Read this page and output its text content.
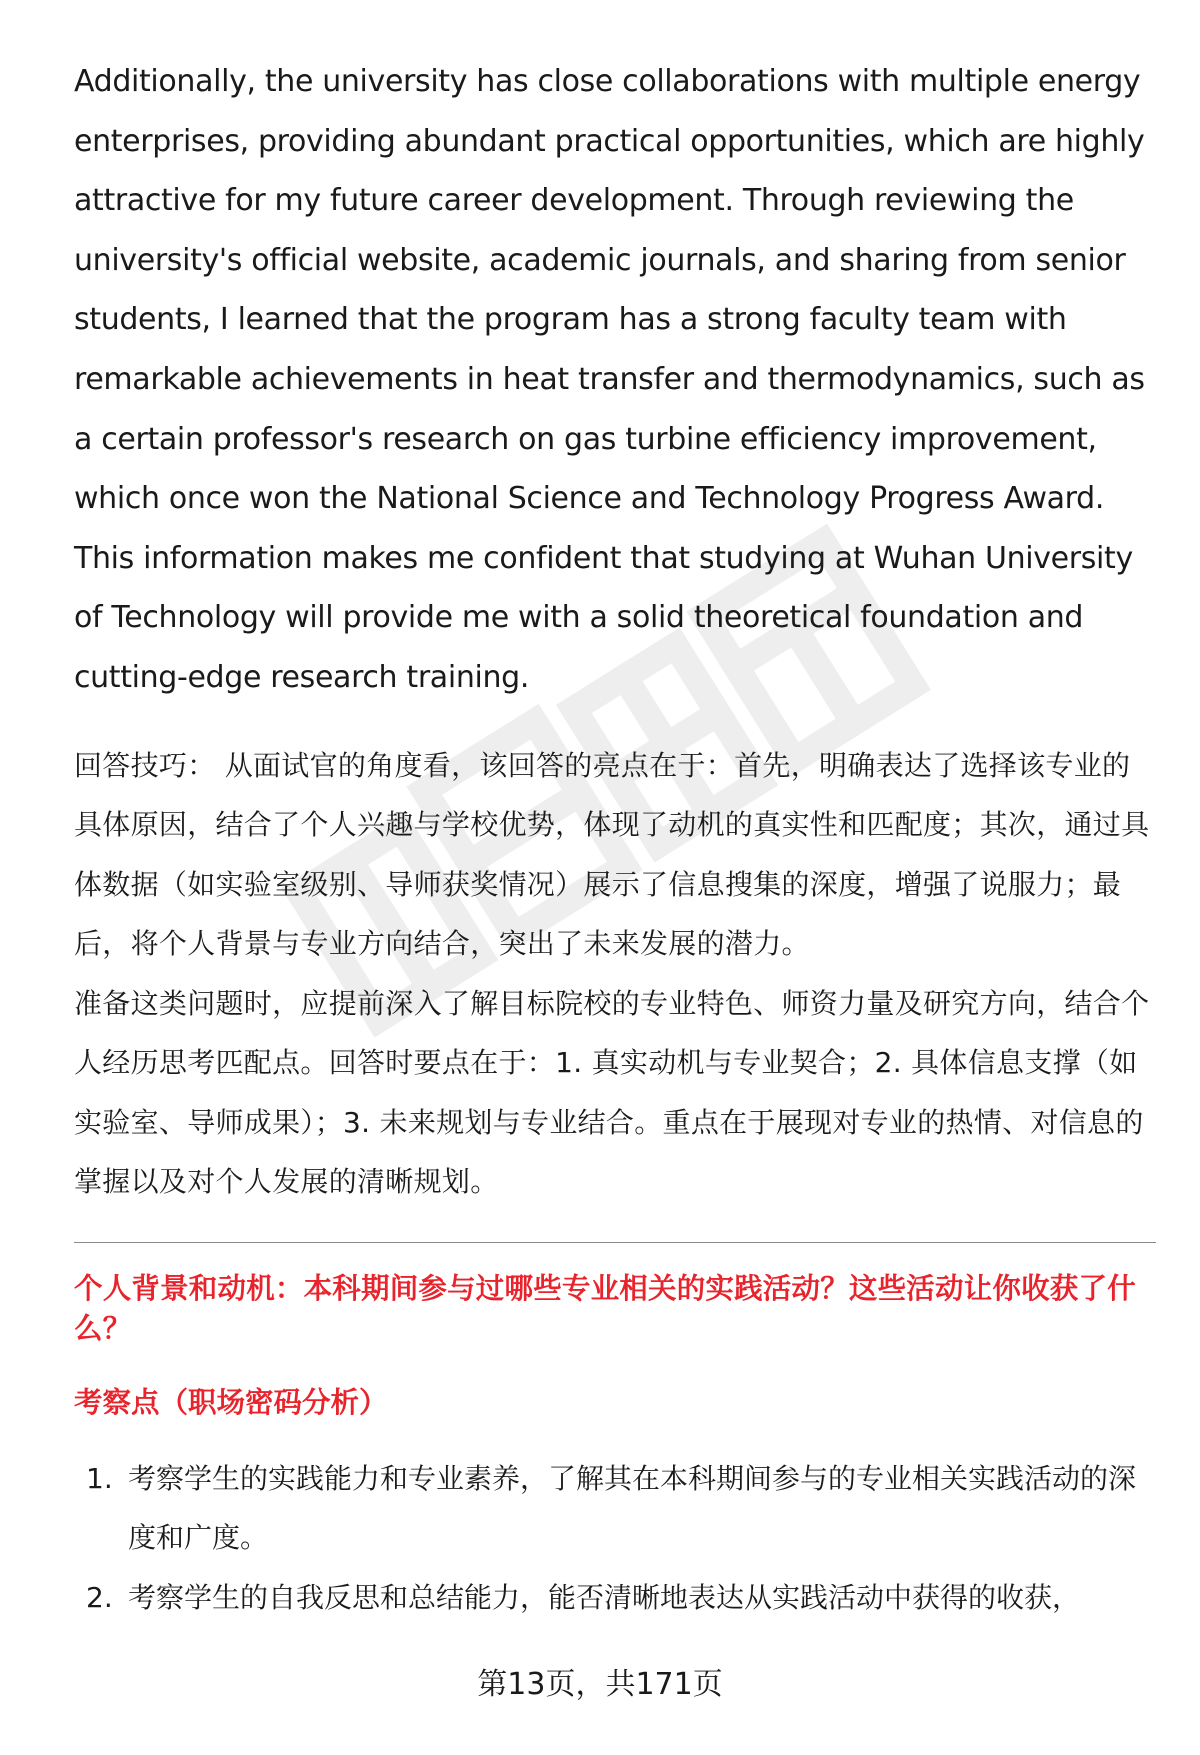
Additionally, the university has close collaborations with multiple energy enterprises, providing abundant practical opportunities, which are highly attractive for my future career development. Through reviewing the university's official website, academic journals, and sharing from senior students, I learned that the program has a strong faculty team with remarkable achievements in heat transfer and thermodynamics, such as a certain professor's research on gas turbine efficiency improvement, which once won the National Science and Technology Progress Award. This information makes me confident that studying at Wuhan University of Technology will provide me with a solid theoretical foundation and cutting-edge research training.

回答技巧： 从面试官的角度看，该回答的亮点在于：首先，明确表达了选择该专业的具体原因，结合了个人兴趣与学校优势，体现了动机的真实性和匹配度；其次，通过具体数据（如实验室级别、导师获奖情况）展示了信息搜集的深度，增强了说服力；最后，将个人背景与专业方向结合，突出了未来发展的潜力。

准备这类问题时，应提前深入了解目标院校的专业特色、师资力量及研究方向，结合个人经历思考匹配点。回答时要点在于：1. 真实动机与专业契合；2. 具体信息支撑（如实验室、导师成果）；3. 未来规划与专业结合。重点在于展现对专业的热情、对信息的掌握以及对个人发展的清晰规划。

个人背景和动机：本科期间参与过哪些专业相关的实践活动？这些活动让你收获了什么？
考察点（职场密码分析）
1. 考察学生的实践能力和专业素养，了解其在本科期间参与的专业相关实践活动的深度和广度。
2. 考察学生的自我反思和总结能力，能否清晰地表达从实践活动中获得的收获，
第13页，共171页
